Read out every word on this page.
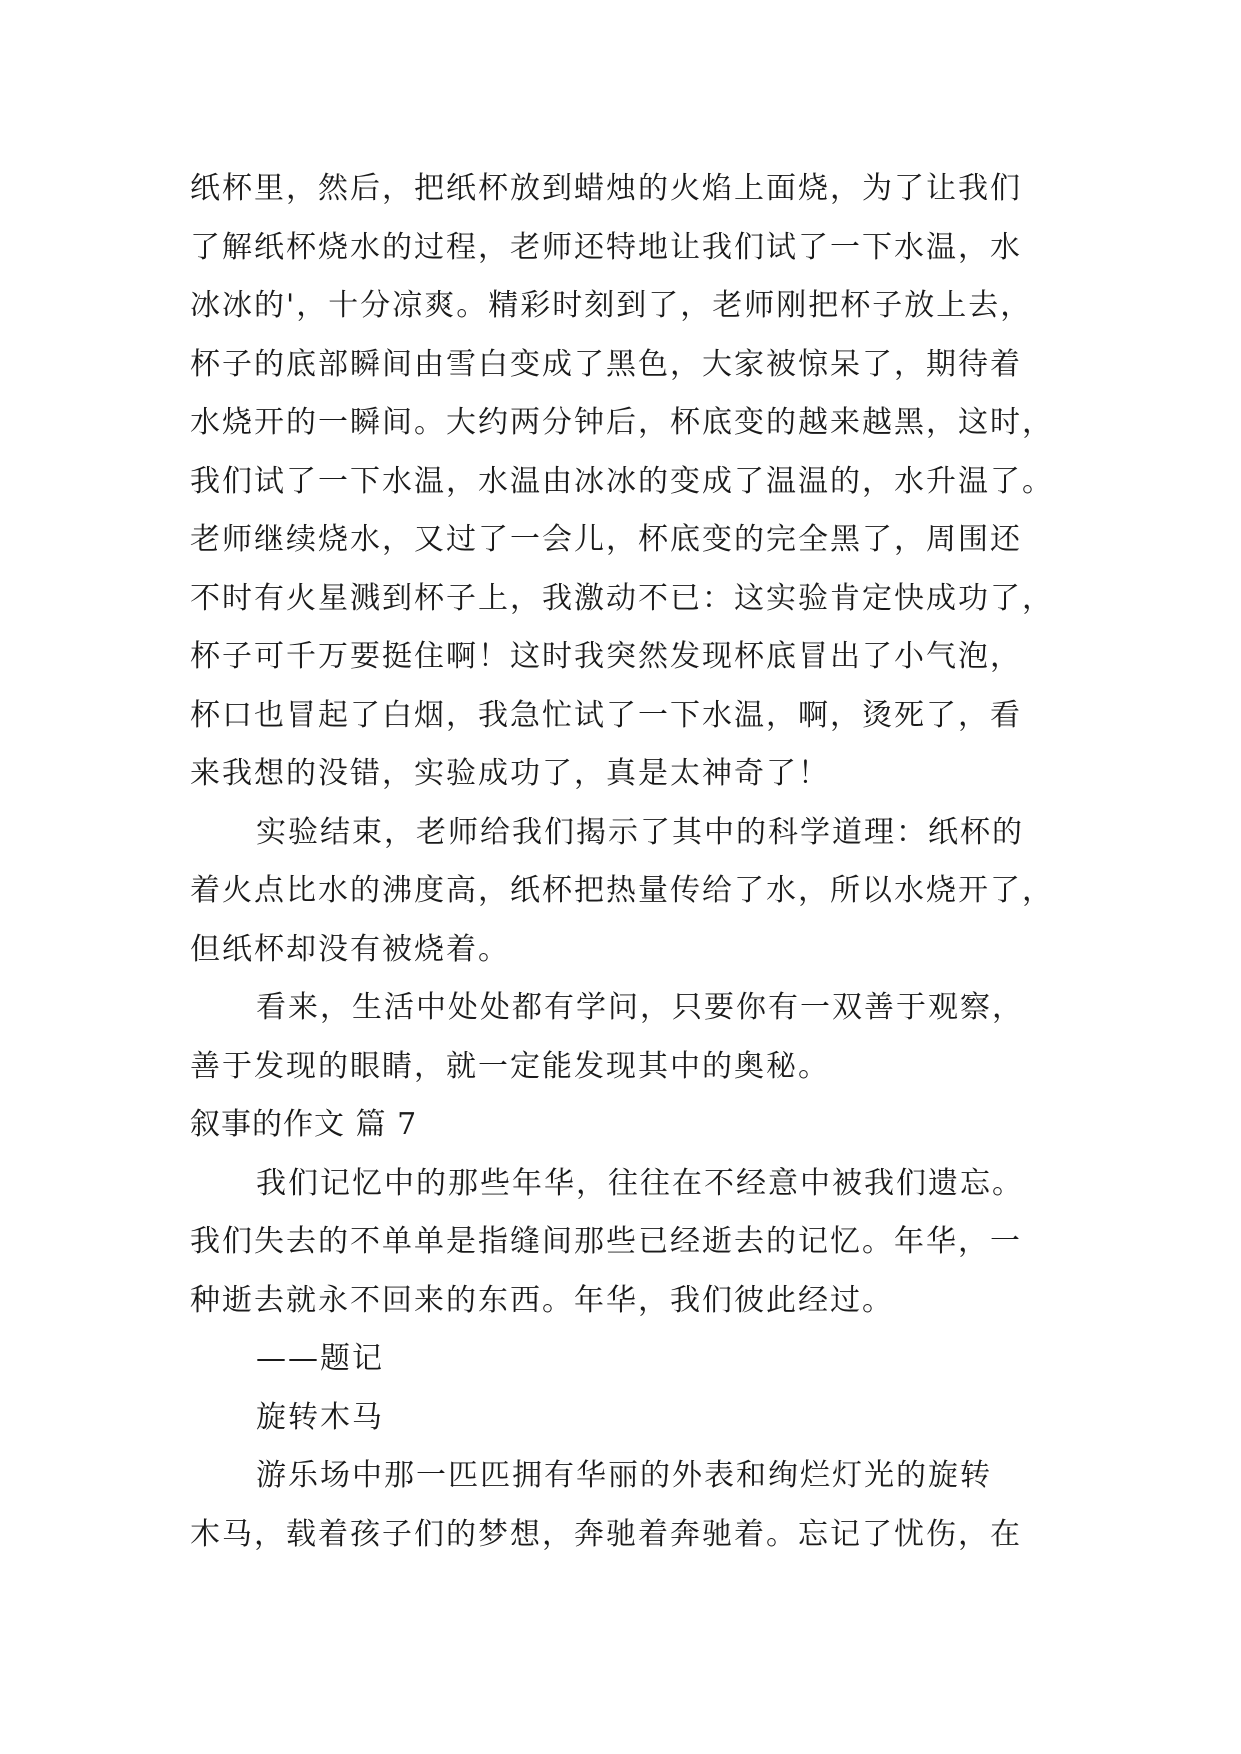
纸杯里，然后，把纸杯放到蜡烛的火焰上面烧，为了让我们
了解纸杯烧水的过程，老师还特地让我们试了一下水温，水
冰冰的'，十分凉爽。精彩时刻到了，老师刚把杯子放上去，
杯子的底部瞬间由雪白变成了黑色，大家被惊呆了，期待着
水烧开的一瞬间。大约两分钟后，杯底变的越来越黑，这时，
我们试了一下水温，水温由冰冰的变成了温温的，水升温了。
老师继续烧水，又过了一会儿，杯底变的完全黑了，周围还
不时有火星溅到杯子上，我激动不已：这实验肯定快成功了，
杯子可千万要挺住啊！这时我突然发现杯底冒出了小气泡，
杯口也冒起了白烟，我急忙试了一下水温，啊，烫死了，看
来我想的没错，实验成功了，真是太神奇了！
实验结束，老师给我们揭示了其中的科学道理：纸杯的
着火点比水的沸度高，纸杯把热量传给了水，所以水烧开了，
但纸杯却没有被烧着。
看来，生活中处处都有学问，只要你有一双善于观察，
善于发现的眼睛，就一定能发现其中的奥秘。
叙事的作文 篇 7
我们记忆中的那些年华，往往在不经意中被我们遗忘。
我们失去的不单单是指缝间那些已经逝去的记忆。年华，一
种逝去就永不回来的东西。年华，我们彼此经过。
——题记
旋转木马
游乐场中那一匹匹拥有华丽的外表和绚烂灯光的旋转
木马，载着孩子们的梦想，奔驰着奔驰着。忘记了忧伤，在
